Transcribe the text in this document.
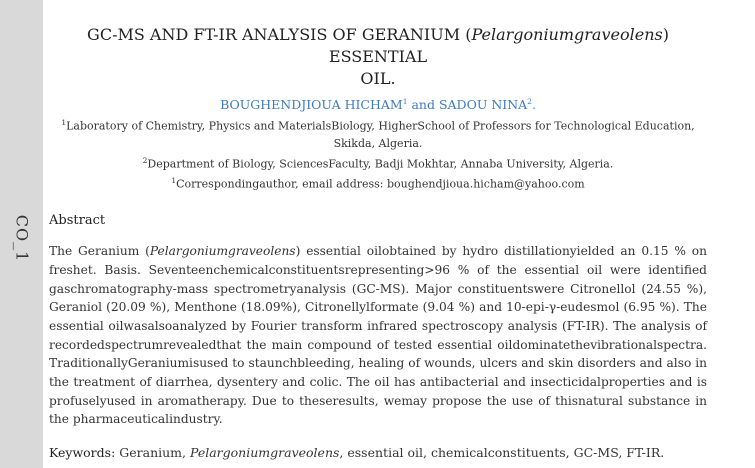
CO_1
GC-MS AND FT-IR ANALYSIS OF GERANIUM (Pelargoniumgraveolens) ESSENTIAL
OIL.
BOUGHENDJIOUA HICHAM$^1$ and SADOU NINA$^2$.
$^1$Laboratory of Chemistry, Physics and MaterialsBiology, HigherSchool of Professors for Technological Education,
Skikda, Algeria.
$^2$Department of Biology, SciencesFaculty, Badji Mokhtar, Annaba University, Algeria.
$^1$Correspondingauthor, email address: boughendjioua.hicham@yahoo.com
Abstract

The Geranium (Pelargoniumgraveolens) essential oilobtained by hydro distillationyielded an 0.15 % on freshet. Basis. Seventeenchemicalconstituentsrepresenting>96 % of the essential oil were identified gaschromatography-mass spectrometryanalysis (GC-MS). Major constituentswere Citronellol (24.55 %), Geraniol (20.09 %), Menthone (18.09%), Citronellylformate (9.04 %) and 10-epi-γ-eudesmol (6.95 %). The essential oilwasalsoanalyzed by Fourier transform infrared spectroscopy analysis (FT-IR). The analysis of recordedspectrumrevealedthat the main compound of tested essential oildominatethevibrationalspectra. TraditionallyGeraniumisused to staunchbleeding, healing of wounds, ulcers and skin disorders and also in the treatment of diarrhea, dysentery and colic. The oil has antibacterial and insecticidalproperties and is profuselyused in aromatherapy. Due to theseresults, wemay propose the use of thisnatural substance in the pharmaceuticalindustry.

Keywords: Geranium, Pelargoniumgraveolens, essential oil, chemicalconstituents, GC-MS, FT-IR.
